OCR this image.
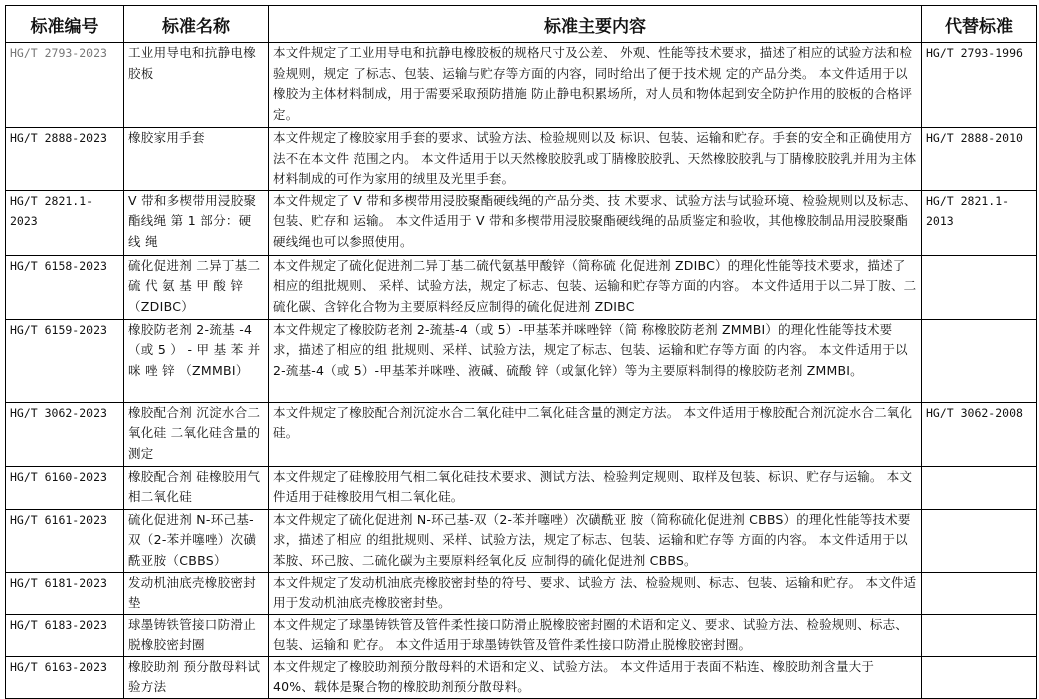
标准编号	标准名称	标准主要内容	代替标准
HG/T 2793-2023	工业用导电和抗静电橡 胶板	本文件规定了工业用导电和抗静电橡胶板的规格尺寸及公差、 外观、性能等技术要求，描述了相应的试验方法和检验规则，规定 了标志、包装、运输与贮存等方面的内容，同时给出了便于技术规 定的产品分类。 本文件适用于以橡胶为主体材料制成，用于需要采取预防措施 防止静电积累场所，对人员和物体起到安全防护作用的胶板的合格评定。	HG/T 2793-1996
HG/T 2888-2023	橡胶家用手套	本文件规定了橡胶家用手套的要求、试验方法、检验规则以及 标识、包装、运输和贮存。手套的安全和正确使用方法不在本文件 范围之内。 本文件适用于以天然橡胶胶乳或丁腈橡胶胶乳、天然橡胶胶乳与丁腈橡胶胶乳并用为主体材料制成的可作为家用的绒里及光里手套。	HG/T 2888-2010
HG/T 2821.1-2023	V 带和多楔带用浸胶聚 酯线绳 第 1 部分：硬线 绳	本文件规定了 V 带和多楔带用浸胶聚酯硬线绳的产品分类、技 术要求、试验方法与试验环境、检验规则以及标志、包装、贮存和 运输。 本文件适用于 V 带和多楔带用浸胶聚酯硬线绳的品质鉴定和验收，其他橡胶制品用浸胶聚酯硬线绳也可以参照使用。	HG/T 2821.1-2013
HG/T 6158-2023	硫化促进剂 二异丁基二 硫 代 氨 基 甲 酸 锌 （ZDIBC）	本文件规定了硫化促进剂二异丁基二硫代氨基甲酸锌（简称硫 化促进剂 ZDIBC）的理化性能等技术要求，描述了相应的组批规则、 采样、试验方法，规定了标志、包装、运输和贮存等方面的内容。 本文件适用于以二异丁胺、二硫化碳、含锌化合物为主要原料经反应制得的硫化促进剂 ZDIBC	
HG/T 6159-2023	橡胶防老剂 2-巯基 -4（或 5 ） - 甲 基 苯 并 咪 唑 锌 （ZMMBI）	本文件规定了橡胶防老剂 2-巯基-4（或 5）-甲基苯并咪唑锌（简 称橡胶防老剂 ZMMBI）的理化性能等技术要求，描述了相应的组 批规则、采样、试验方法，规定了标志、包装、运输和贮存等方面 的内容。 本文件适用于以 2-巯基-4（或 5）-甲基苯并咪唑、液碱、硫酸 锌（或氯化锌）等为主要原料制得的橡胶防老剂 ZMMBI。	
HG/T 3062-2023	橡胶配合剂 沉淀水合二 氧化硅 二氧化硅含量的测定	本文件规定了橡胶配合剂沉淀水合二氧化硅中二氧化硅含量的测定方法。 本文件适用于橡胶配合剂沉淀水合二氧化硅。	HG/T 3062-2008
HG/T 6160-2023	橡胶配合剂 硅橡胶用气 相二氧化硅	本文件规定了硅橡胶用气相二氧化硅技术要求、测试方法、检验判定规则、取样及包装、标识、贮存与运输。 本文件适用于硅橡胶用气相二氧化硅。	
HG/T 6161-2023	硫化促进剂 N-环己基- 双（2-苯并噻唑）次磺酰亚胺（CBBS）	本文件规定了硫化促进剂 N-环己基-双（2-苯并噻唑）次磺酰亚 胺（简称硫化促进剂 CBBS）的理化性能等技术要求，描述了相应 的组批规则、采样、试验方法，规定了标志、包装、运输和贮存等 方面的内容。 本文件适用于以苯胺、环己胺、二硫化碳为主要原料经氧化反 应制得的硫化促进剂 CBBS。	
HG/T 6181-2023	发动机油底壳橡胶密封垫	本文件规定了发动机油底壳橡胶密封垫的符号、要求、试验方 法、检验规则、标志、包装、运输和贮存。 本文件适用于发动机油底壳橡胶密封垫。	
HG/T 6183-2023	球墨铸铁管接口防滑止脱橡胶密封圈	本文件规定了球墨铸铁管及管件柔性接口防滑止脱橡胶密封圈的术语和定义、要求、试验方法、检验规则、标志、包装、运输和 贮存。 本文件适用于球墨铸铁管及管件柔性接口防滑止脱橡胶密封圈。	
HG/T 6163-2023	橡胶助剂 预分散母料试验方法	本文件规定了橡胶助剂预分散母料的术语和定义、试验方法。 本文件适用于表面不粘连、橡胶助剂含量大于 40%、载体是聚合物的橡胶助剂预分散母料。	
